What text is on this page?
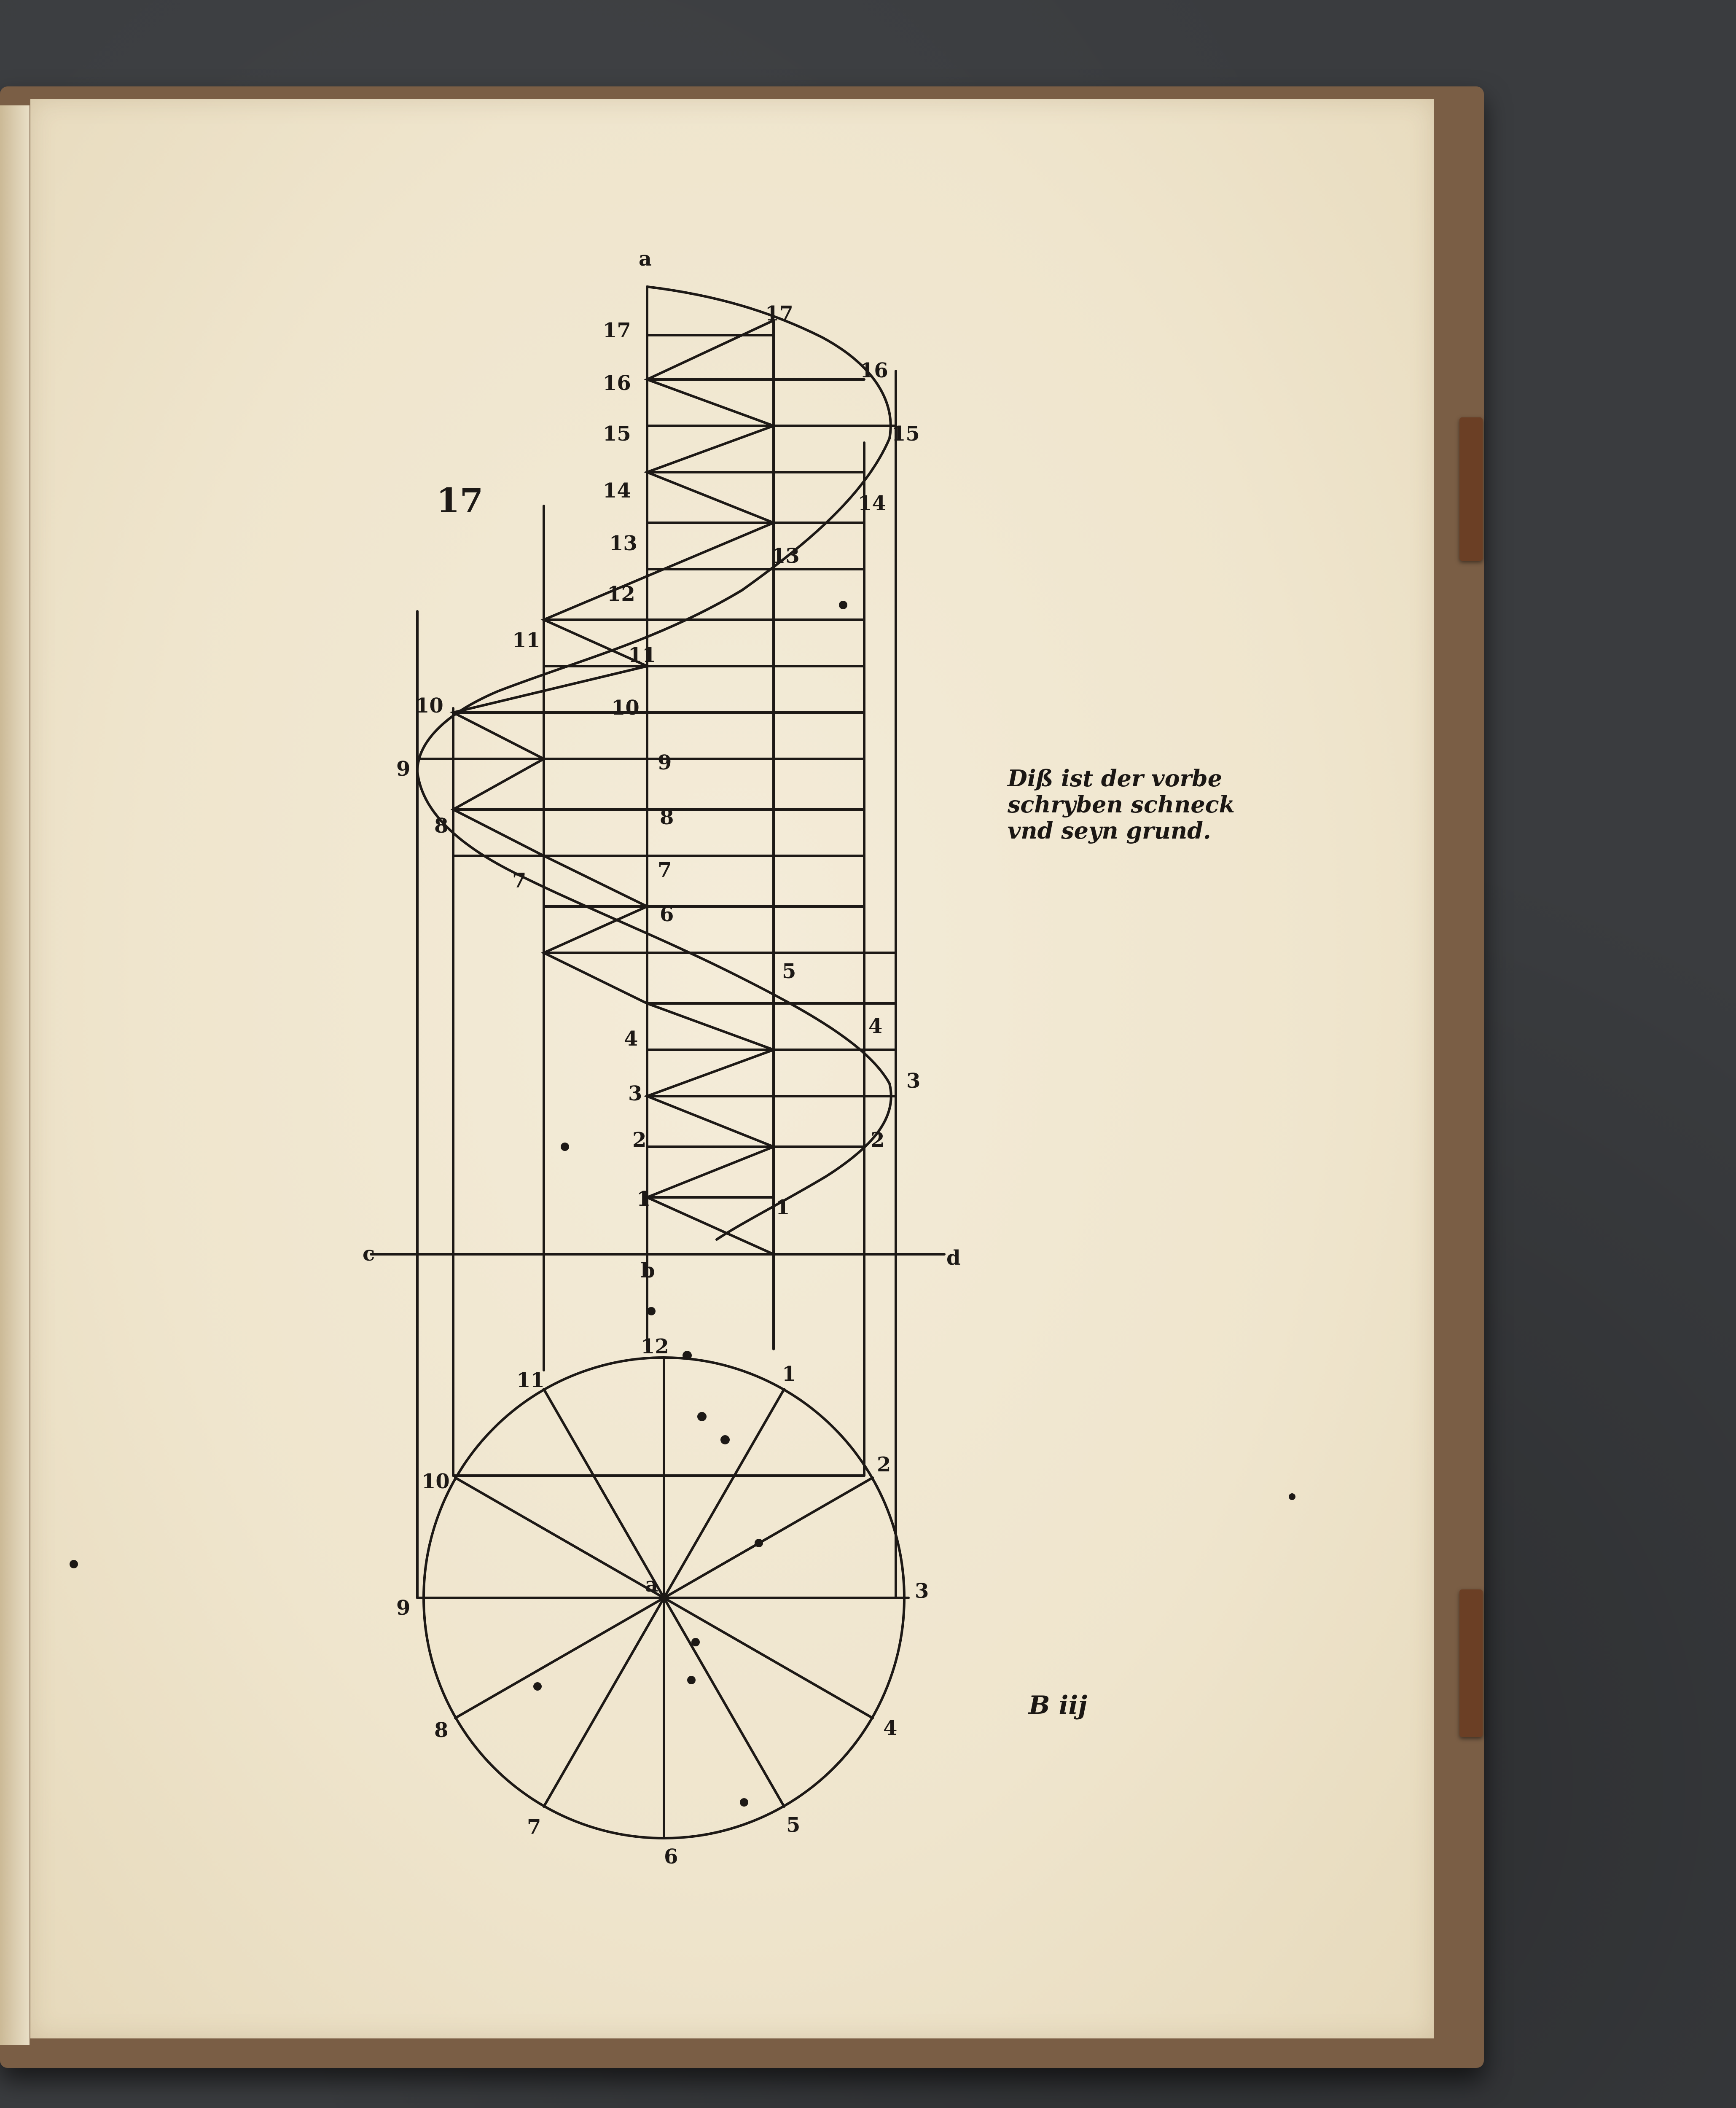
a
c	d
b
a
17
17
16
15
14
13
12
11
10
9
8
7
11
10
9
8
7
6
4
3
2
1
17
16
15
14
13
5
4
3
2
1
12
1
2
3
4
5
6
7
8
9
10
11
Diß ist der vorbe
schryben schneck
vnd seyn grund.
B iij
